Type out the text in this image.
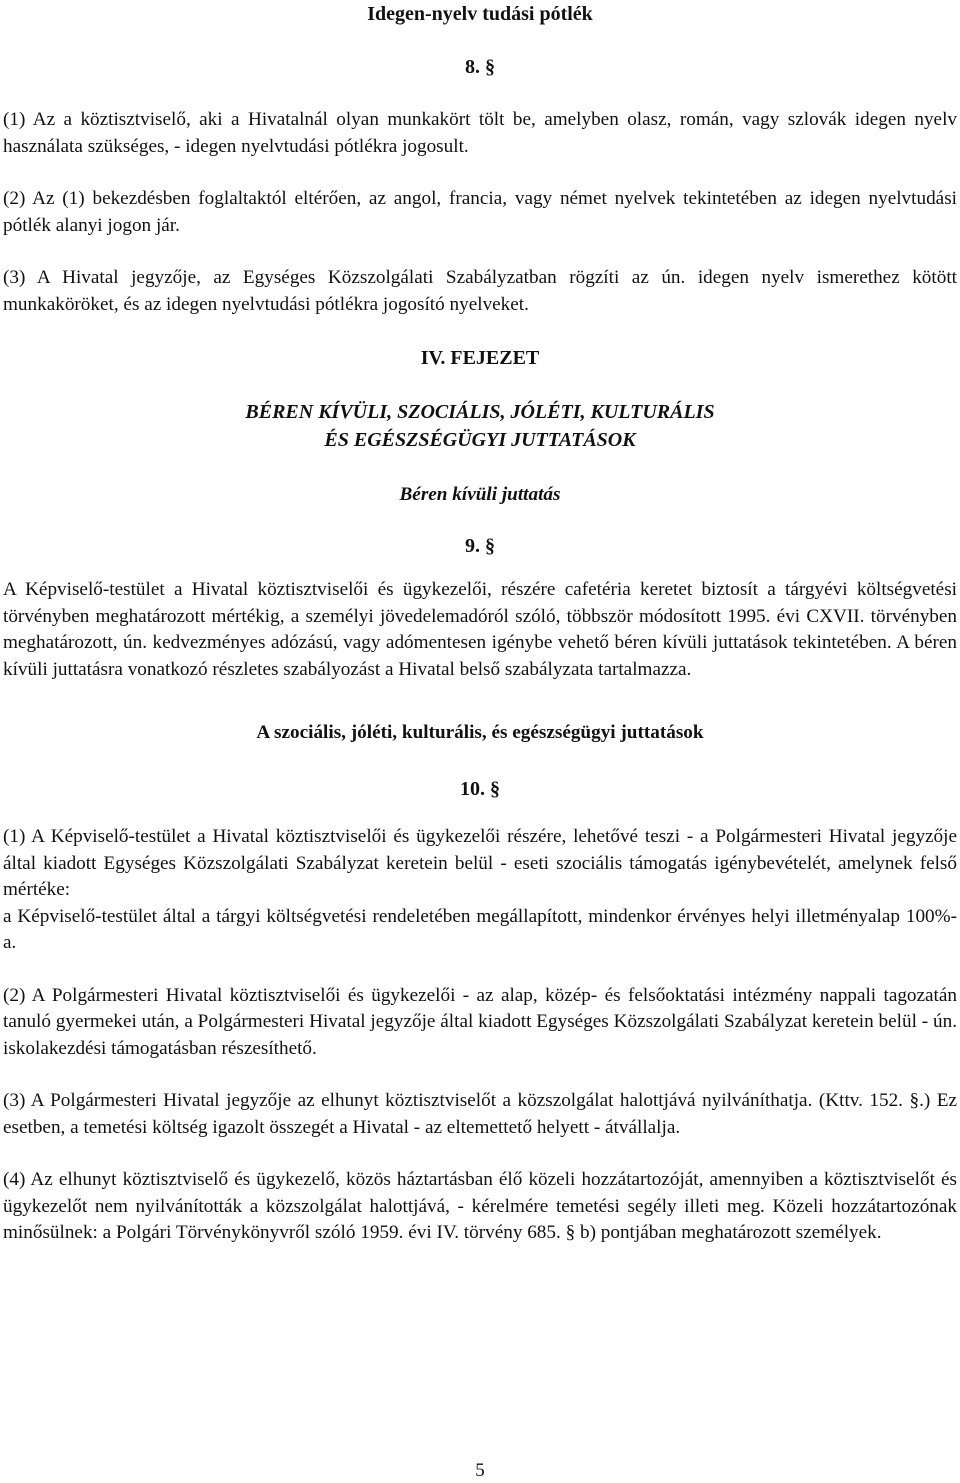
Idegen-nyelv tudási pótlék
8. §

(1) Az a köztisztviselő, aki a Hivatalnál olyan munkakört tölt be, amelyben olasz, román, vagy szlovák idegen nyelv használata szükséges, - idegen nyelvtudási pótlékra jogosult.

(2) Az (1) bekezdésben foglaltaktól eltérően, az angol, francia, vagy német nyelvek tekintetében az idegen nyelvtudási pótlék alanyi jogon jár.

(3) A Hivatal jegyzője, az Egységes Közszolgálati Szabályzatban rögzíti az ún. idegen nyelv ismerethez kötött munkaköröket, és az idegen nyelvtudási pótlékra jogosító nyelveket.

IV. FEJEZET
BÉREN KÍVÜLI, SZOCIÁLIS, JÓLÉTI, KULTURÁLIS
ÉS EGÉSZSÉGÜGYI JUTTATÁSOK
Béren kívüli juttatás
9. §

A Képviselő-testület a Hivatal köztisztviselői és ügykezelői, részére cafetéria keretet biztosít a tárgyévi költségvetési törvényben meghatározott mértékig, a személyi jövedelemadóról szóló, többször módosított 1995. évi CXVII. törvényben meghatározott, ún. kedvezményes adózású, vagy adómentesen igénybe vehető béren kívüli juttatások tekintetében. A béren kívüli juttatásra vonatkozó részletes szabályozást a Hivatal belső szabályzata tartalmazza.

A szociális, jóléti, kulturális, és egészségügyi juttatások
10. §

(1) A Képviselő-testület a Hivatal köztisztviselői és ügykezelői részére, lehetővé teszi - a Polgármesteri Hivatal jegyzője által kiadott Egységes Közszolgálati Szabályzat keretein belül - eseti szociális támogatás igénybevételét, amelynek felső mértéke:

a Képviselő-testület által a tárgyi költségvetési rendeletében megállapított, mindenkor érvényes helyi illetményalap 100%-a.

(2) A Polgármesteri Hivatal köztisztviselői és ügykezelői - az alap, közép- és felsőoktatási intézmény nappali tagozatán tanuló gyermekei után, a Polgármesteri Hivatal jegyzője által kiadott Egységes Közszolgálati Szabályzat keretein belül - ún. iskolakezdési támogatásban részesíthető.

(3) A Polgármesteri Hivatal jegyzője az elhunyt köztisztviselőt a közszolgálat halottjává nyilváníthatja. (Kttv. 152. §.) Ez esetben, a temetési költség igazolt összegét a Hivatal - az eltemettető helyett - átvállalja.

(4) Az elhunyt köztisztviselő és ügykezelő, közös háztartásban élő közeli hozzátartozóját, amennyiben a köztisztviselőt és ügykezelőt nem nyilvánították a közszolgálat halottjává, - kérelmére temetési segély illeti meg. Közeli hozzátartozónak minősülnek: a Polgári Törvénykönyvről szóló 1959. évi IV. törvény 685. § b) pontjában meghatározott személyek.

5
